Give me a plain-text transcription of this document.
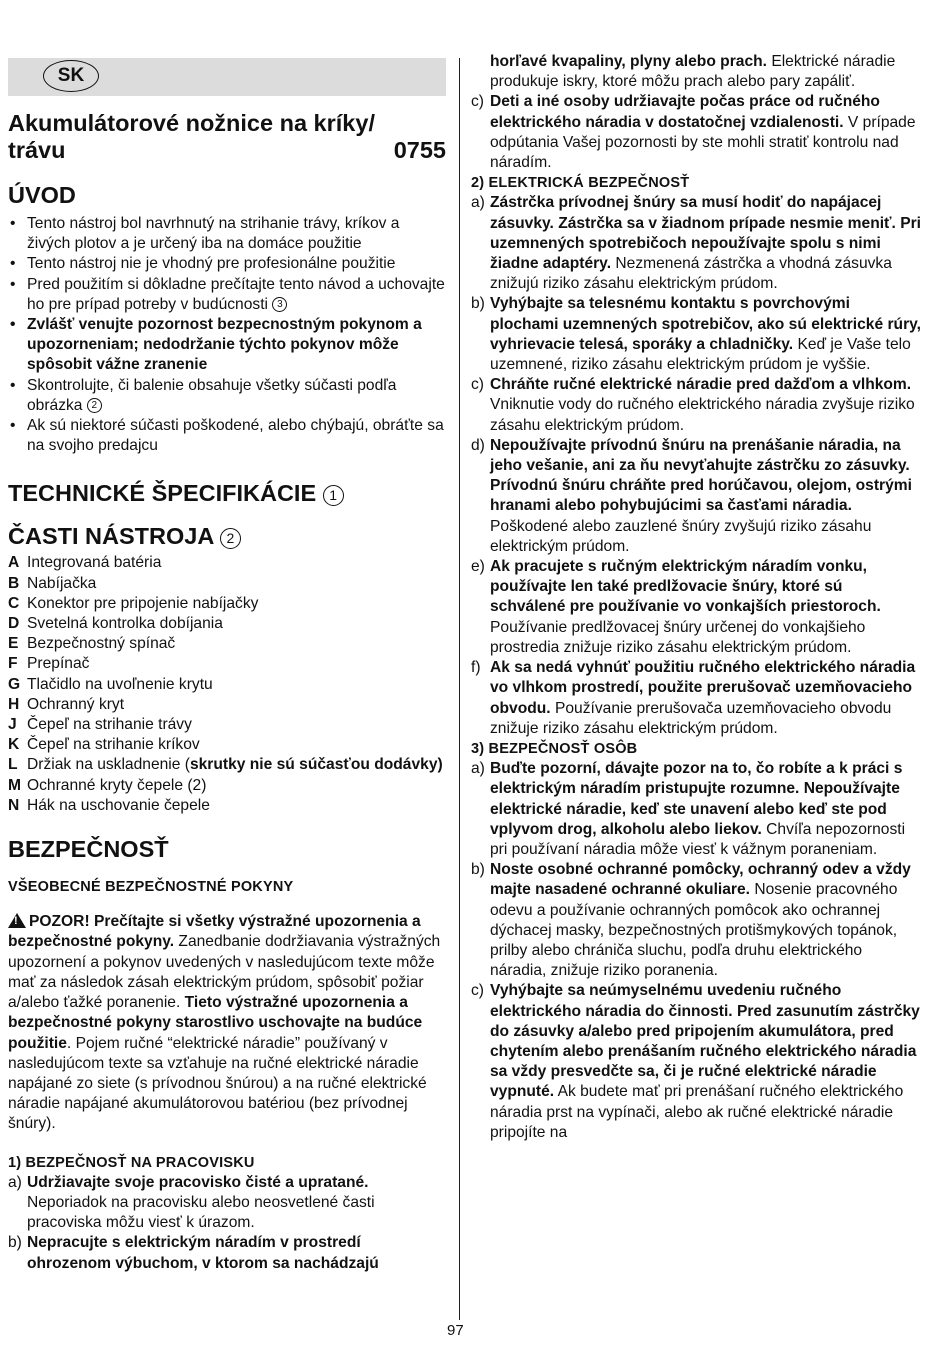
SK
Akumulátorové nožnice na kríky/
trávu	0755
ÚVOD
• Tento nástroj bol navrhnutý na strihanie trávy, kríkov a živých plotov a je určený iba na domáce použitie
• Tento nástroj nie je vhodný pre profesionálne použitie
• Pred použitím si dôkladne prečítajte tento návod a uchovajte ho pre prípad potreby v budúcnosti 3
• Zvlášť venujte pozornost bezpecnostným pokynom a upozorneniam; nedodržanie týchto pokynov môže spôsobit vážne zranenie
• Skontrolujte, či balenie obsahuje všetky súčasti podľa obrázka 2
• Ak sú niektoré súčasti poškodené, alebo chýbajú, obráťte sa na svojho predajcu
TECHNICKÉ ŠPECIFIKÁCIE 1
ČASTI NÁSTROJA 2
A Integrovaná batéria
B Nabíjačka
C Konektor pre pripojenie nabíjačky
D Svetelná kontrolka dobíjania
E Bezpečnostný spínač
F Prepínač
G Tlačidlo na uvoľnenie krytu
H Ochranný kryt
J Čepeľ na strihanie trávy
K Čepeľ na strihanie kríkov
L Držiak na uskladnenie (skrutky nie sú súčasťou dodávky)
M Ochranné kryty čepele (2)
N Hák na uschovanie čepele
BEZPEČNOSŤ
VŠEOBECNÉ BEZPEČNOSTNÉ POKYNY

!POZOR! Prečítajte si všetky výstražné upozornenia a bezpečnostné pokyny. Zanedbanie dodržiavania výstražných upozornení a pokynov uvedených v nasledujúcom texte môže mať za následok zásah elektrickým prúdom, spôsobiť požiar a/alebo ťažké poranenie. Tieto výstražné upozornenia a bezpečnostné pokyny starostlivo uschovajte na budúce použitie. Pojem ručné “elektrické náradie” používaný v nasledujúcom texte sa vzťahuje na ručné elektrické náradie napájané zo siete (s prívodnou šnúrou) a na ručné elektrické náradie napájané akumulátorovou batériou (bez prívodnej šnúry).

1) BEZPEČNOSŤ NA PRACOVISKU
a) Udržiavajte svoje pracovisko čisté a upratané. Neporiadok na pracovisku alebo neosvetlené časti pracoviska môžu viesť k úrazom.
b) Nepracujte s elektrickým náradím v prostredí ohrozenom výbuchom, v ktorom sa nachádzajú
horľavé kvapaliny, plyny alebo prach. Elektrické náradie produkuje iskry, ktoré môžu prach alebo pary zapáliť.
c) Deti a iné osoby udržiavajte počas práce od ručného elektrického náradia v dostatočnej vzdialenosti. V prípade odpútania Vašej pozornosti by ste mohli stratiť kontrolu nad náradím.
2) ELEKTRICKÁ BEZPEČNOSŤ
a) Zástrčka prívodnej šnúry sa musí hodiť do napájacej zásuvky. Zástrčka sa v žiadnom prípade nesmie meniť. Pri uzemnených spotrebičoch nepoužívajte spolu s nimi žiadne adaptéry. Nezmenená zástrčka a vhodná zásuvka znižujú riziko zásahu elektrickým prúdom.
b) Vyhýbajte sa telesnému kontaktu s povrchovými plochami uzemnených spotrebičov, ako sú elektrické rúry, vyhrievacie telesá, sporáky a chladničky. Keď je Vaše telo uzemnené, riziko zásahu elektrickým prúdom je vyššie.
c) Chráňte ručné elektrické náradie pred dažďom a vlhkom. Vniknutie vody do ručného elektrického náradia zvyšuje riziko zásahu elektrickým prúdom.
d) Nepoužívajte prívodnú šnúru na prenášanie náradia, na jeho vešanie, ani za ňu nevyťahujte zástrčku zo zásuvky. Prívodnú šnúru chráňte pred horúčavou, olejom, ostrými hranami alebo pohybujúcimi sa časťami náradia. Poškodené alebo zauzlené šnúry zvyšujú riziko zásahu elektrickým prúdom.
e) Ak pracujete s ručným elektrickým náradím vonku, používajte len také predlžovacie šnúry, ktoré sú schválené pre používanie vo vonkajších priestoroch. Používanie predlžovacej šnúry určenej do vonkajšieho prostredia znižuje riziko zásahu elektrickým prúdom.
f) Ak sa nedá vyhnúť použitiu ručného elektrického náradia vo vlhkom prostredí, použite prerušovač uzemňovacieho obvodu. Používanie prerušovača uzemňovacieho obvodu znižuje riziko zásahu elektrickým prúdom.
3) BEZPEČNOSŤ OSÔB
a) Buďte pozorní, dávajte pozor na to, čo robíte a k práci s elektrickým náradím pristupujte rozumne. Nepoužívajte elektrické náradie, keď ste unavení alebo keď ste pod vplyvom drog, alkoholu alebo liekov. Chvíľa nepozornosti pri používaní náradia môže viesť k vážnym poraneniam.
b) Noste osobné ochranné pomôcky, ochranný odev a vždy majte nasadené ochranné okuliare. Nosenie pracovného odevu a používanie ochranných pomôcok ako ochrannej dýchacej masky, bezpečnostných protišmykových topánok, prilby alebo chrániča sluchu, podľa druhu elektrického náradia, znižuje riziko poranenia.
c) Vyhýbajte sa neúmyselnému uvedeniu ručného elektrického náradia do činnosti. Pred zasunutím zástrčky do zásuvky a/alebo pred pripojením akumulátora, pred chytením alebo prenášaním ručného elektrického náradia sa vždy presvedčte sa, či je ručné elektrické náradie vypnuté. Ak budete mať pri prenášaní ručného elektrického náradia prst na vypínači, alebo ak ručné elektrické náradie pripojíte na
97
